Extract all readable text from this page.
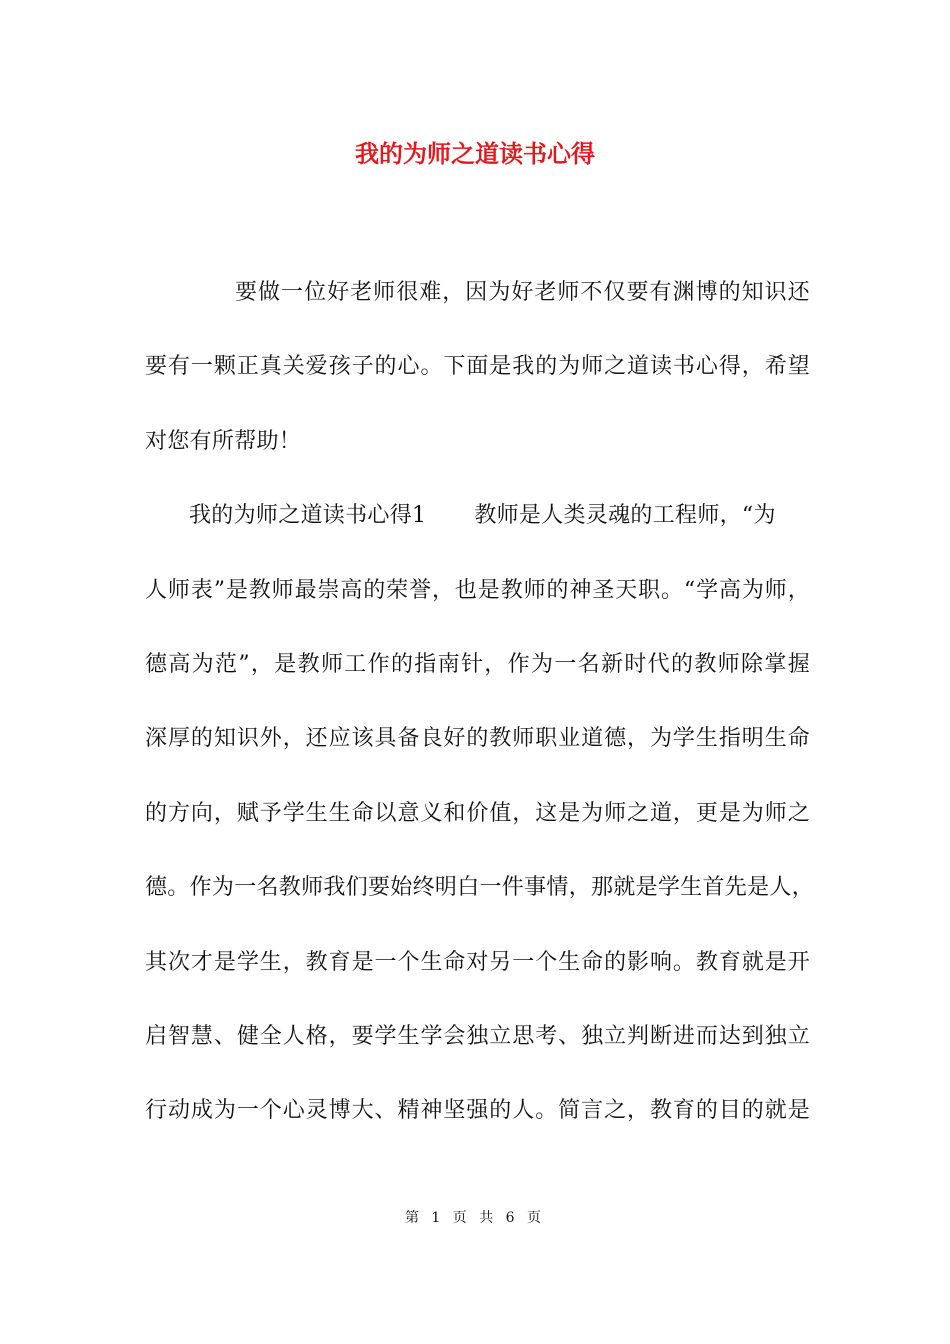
我的为师之道读书心得
要做一位好老师很难，因为好老师不仅要有渊博的知识还
要有一颗正真关爱孩子的心。下面是我的为师之道读书心得，希望
对您有所帮助！
我的为师之道读书心得1 教师是人类灵魂的工程师，“为
人师表”是教师最崇高的荣誉，也是教师的神圣天职。“学高为师，
德高为范”，是教师工作的指南针，作为一名新时代的教师除掌握
深厚的知识外，还应该具备良好的教师职业道德，为学生指明生命
的方向，赋予学生生命以意义和价值，这是为师之道，更是为师之
德。作为一名教师我们要始终明白一件事情，那就是学生首先是人，
其次才是学生，教育是一个生命对另一个生命的影响。教育就是开
启智慧、健全人格，要学生学会独立思考、独立判断进而达到独立
行动成为一个心灵博大、精神坚强的人。简言之，教育的目的就是
第 1 页 共 6 页
